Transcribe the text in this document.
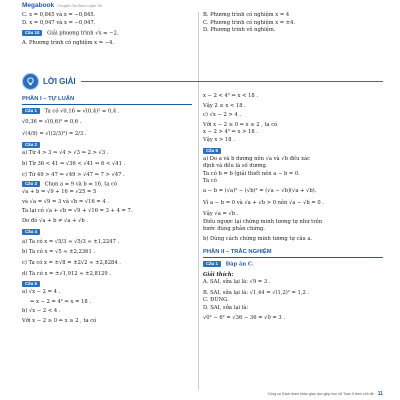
Megabook Chuyên Gia Sách Luyện Thi
C. x = 0,845 và x = −0,845.
D. x = 0,947 và x = −0,947.
Câu 10 Giải phương trình √x = −2.
A. Phương trình có nghiệm x = −4.
B. Phương trình có nghiệm x = 4
C. Phương trình có nghiệm x = ±4.
D. Phương trình vô nghiệm.
LỜI GIẢI
PHẦN I – TỰ LUẬN
Câu 1 Ta có √0,16 = √(0,4)² = 0,4 .
√0,36 = √(0,6)² = 0,6 .
√(4/9) = √((2/3)²) = 2/3 .
Câu 2
a) Từ 4 > 3 ⇒ √4 > √3 ⇒ 2 > √3 .
b) Từ 36 < 41 ⇒ √36 < √41 ⇒ 6 < √41 .
c) Từ 49 > 47 ⇒ √49 > √47 ⇒ 7 > √47 .
Câu 3 Chọn a = 9 và b = 16, ta có
√a + b = √9 + 16 = √25 = 5
và √a = √9 = 3 và √b = √16 = 4 .
Ta lại có √a + √b = √9 + √16 = 3 + 4 = 7.
Do đó √a + b ≠ √a + √b .
Câu 4
a) Ta có x = √5/3 ≈ √5/3 ≈ ±1,2247 .
b) Ta có x = √5 ≈ ±2,2361 .
c) Ta có x = ±√8 = ±2√2 ≈ ±2,8284 .
d) Ta có x = ±√1,912 ≈ ±2,8129 .
Câu 5
a) √x − 2 = 4 .
⇔ x − 2 = 4² ⇔ x = 18 .
b) √x − 2 < 4 .
Với x − 2 ≥ 0 ⇔ x ≥ 2 , ta có
x − 2 < 4² ⇔ x < 18 .
Vậy 2 ≤ x < 18 .
c) √x − 2 > 4 .
Với x − 2 ≥ 0 ⇔ x ≥ 2 , ta có
x − 2 > 4² ⇔ x > 18 .
Vậy x > 18 .
Câu 6
a) Do a và b dương nên √a và √b đều xác
định và đều là số dương.
Ta có b = b (giải thiết nên a − b = 0.
Ta có
a − b = (√a)² − (√b)² = (√a − √b)(√a + √b).
Vì a − b = 0 và √a + √b > 0 nên √a − √b = 0 .
Vậy √a = √b .
Điều ngược lại chứng minh tương tự như trên
bước đúng phản chứng.
b) Dùng cách chứng minh tương tự câu a.
PHẦN II – TRẮC NGHIỆM
Câu 1 Đáp án C.
Giải thích:
A. SAI, sửa lại là: √9 = 3 .
B. SAI, sửa lại là: √1,44 = √(1,2)² = 1,2 .
C. ĐÚNG.
D. SAI, sửa lại là:
√0² − 6² = √36 − 36 = √0 = 3 .
Công cụ Sách tham khảo giáo dục giúp học tốt Toán 9 theo chủ đề 11
